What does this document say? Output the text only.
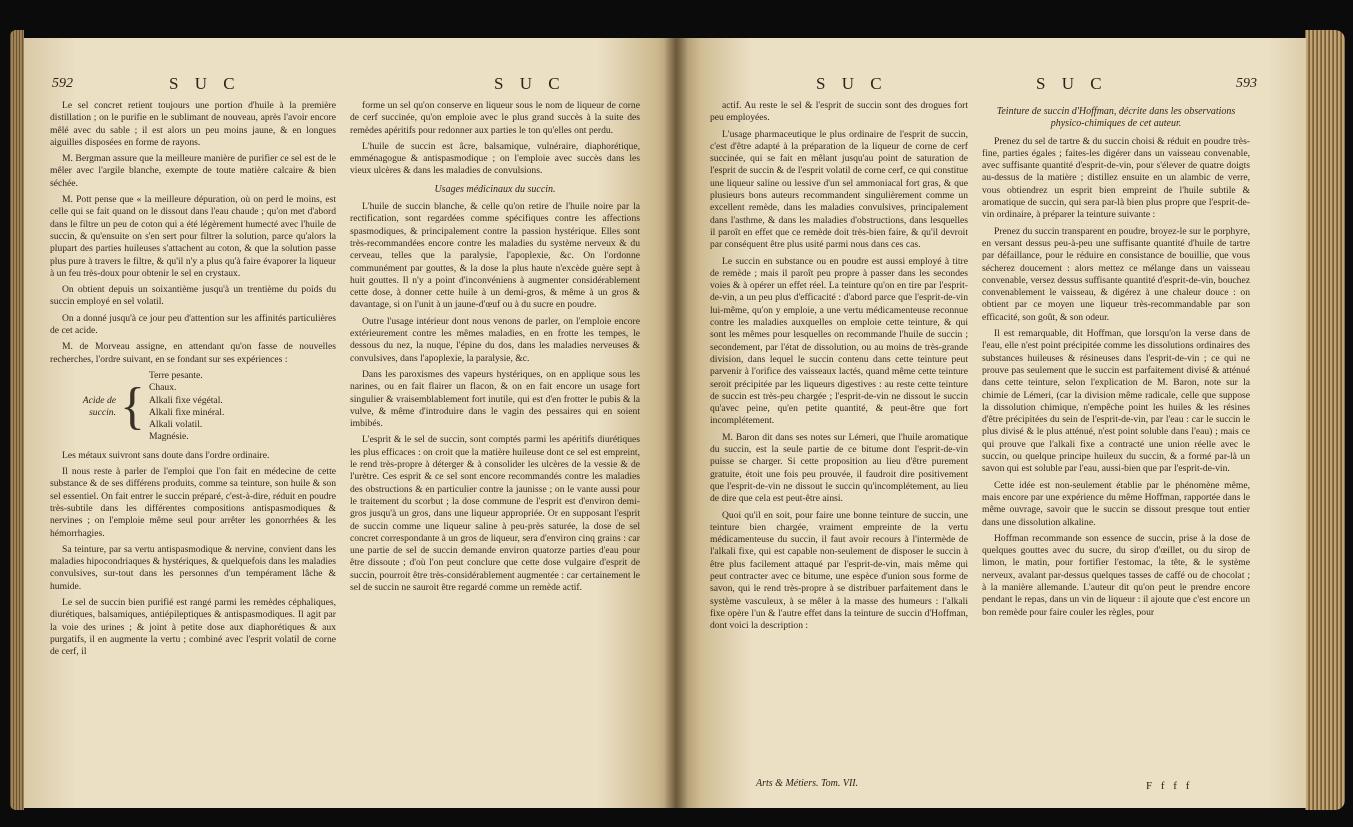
592	S U C	S U C

Le sel concret retient toujours une portion d'huile à la première distillation ; on le purifie en le sublimant de nouveau, après l'avoir encore mêlé avec du sable ; il est alors un peu moins jaune, & en longues aiguilles disposées en forme de rayons.

M. Bergman assure que la meilleure manière de purifier ce sel est de le mêler avec l'argile blanche, exempte de toute matière calcaire & bien séchée.

M. Pott pense que « la meilleure dépuration, où on perd le moins, est celle qui se fait quand on le dissout dans l'eau chaude ; qu'on met d'abord dans le filtre un peu de coton qui a été légèrement humecté avec l'huile de succin, & qu'ensuite on s'en sert pour filtrer la solution, parce qu'alors la plupart des parties huileuses s'attachent au coton, & que la solution passe plus pure à travers le filtre, & qu'il n'y a plus qu'à faire évaporer la liqueur à un feu très-doux pour obtenir le sel en crystaux.

On obtient depuis un soixantième jusqu'à un trentième du poids du succin employé en sel volatil.

On a donné jusqu'à ce jour peu d'attention sur les affinités particulières de cet acide.

M. de Morveau assigne, en attendant qu'on fasse de nouvelles recherches, l'ordre suivant, en se fondant sur ses expériences :

Acide de succin. {
Terre pesante.
Chaux.
Alkali fixe végétal.
Alkali fixe minéral.
Alkali volatil.
Magnésie.

Les métaux suivront sans doute dans l'ordre ordinaire.

Il nous reste à parler de l'emploi que l'on fait en médecine de cette substance & de ses différens produits, comme sa teinture, son huile & son sel essentiel. On fait entrer le succin préparé, c'est-à-dire, réduit en poudre très-subtile dans les différentes compositions antispasmodiques & nervines ; on l'emploie même seul pour arrêter les gonorrhées & les hémorrhagies.

Sa teinture, par sa vertu antispasmodique & nervine, convient dans les maladies hipocondriaques & hystériques, & quelquefois dans les maladies convulsives, sur-tout dans les personnes d'un tempérament lâche & humide.

Le sel de succin bien purifié est rangé parmi les remèdes céphaliques, diurétiques, balsamiques, antiépileptiques & antispasmodiques. Il agit par la voie des urines ; & joint à petite dose aux diaphorétiques & aux purgatifs, il en augmente la vertu ; combiné avec l'esprit volatil de corne de cerf, il

forme un sel qu'on conserve en liqueur sous le nom de liqueur de corne de cerf succinée, qu'on emploie avec le plus grand succès à la suite des remèdes apéritifs pour redonner aux parties le ton qu'elles ont perdu.

L'huile de succin est âcre, balsamique, vulnéraire, diaphorétique, emménagogue & antispasmodique ; on l'emploie avec succès dans les vieux ulcères & dans les maladies de convulsions.

Usages médicinaux du succin.

L'huile de succin blanche, & celle qu'on retire de l'huile noire par la rectification, sont regardées comme spécifiques contre les affections spasmodiques, & principalement contre la passion hystérique. Elles sont très-recommandées encore contre les maladies du système nerveux & du cerveau, telles que la paralysie, l'apoplexie, &c. On l'ordonne communément par gouttes, & la dose la plus haute n'excède guère sept à huit gouttes. Il n'y a point d'inconvéniens à augmenter considérablement cette dose, à donner cette huile à un demi-gros, & même à un gros & davantage, si on l'unit à un jaune-d'œuf ou à du sucre en poudre.

Outre l'usage intérieur dont nous venons de parler, on l'emploie encore extérieurement contre les mêmes maladies, en en frotte les tempes, le dessous du nez, la nuque, l'épine du dos, dans les maladies nerveuses & convulsives, dans l'apoplexie, la paralysie, &c.

Dans les paroxismes des vapeurs hystériques, on en applique sous les narines, ou en fait flairer un flacon, & on en fait encore un usage fort singulier & vraisemblablement fort inutile, qui est d'en frotter le pubis & la vulve, & même d'introduire dans le vagin des pessaires qui en soient imbibés.

L'esprit & le sel de succin, sont comptés parmi les apéritifs diurétiques les plus efficaces : on croit que la matière huileuse dont ce sel est empreint, le rend très-propre à déterger & à consolider les ulcères de la vessie & de l'urètre. Ces esprit & ce sel sont encore recommandés contre les maladies des obstructions & en particulier contre la jaunisse ; on le vante aussi pour le traitement du scorbut ; la dose commune de l'esprit est d'environ demi-gros jusqu'à un gros, dans une liqueur appropriée. Or en supposant l'esprit de succin comme une liqueur saline à peu-près saturée, la dose de sel concret correspondante à un gros de liqueur, sera d'environ cinq grains : car une partie de sel de succin demande environ quatorze parties d'eau pour être dissoute ; d'où l'on peut conclure que cette dose vulgaire d'esprit de succin, pourroit être très-considérablement augmentée : car certainement le sel de succin ne sauroit être regardé comme un remède actif.

S U C	S U C	593

actif. Au reste le sel & l'esprit de succin sont des drogues fort peu employées.

L'usage pharmaceutique le plus ordinaire de l'esprit de succin, c'est d'être adapté à la préparation de la liqueur de corne de cerf succinée, qui se fait en mêlant jusqu'au point de saturation de l'esprit de succin & de l'esprit volatil de corne cerf, ce qui constitue une liqueur saline ou lessive d'un sel ammoniacal fort gras, & que plusieurs bons auteurs recommandent singulièrement comme un excellent remède, dans les maladies convulsives, principalement dans l'asthme, & dans les maladies d'obstructions, dans lesquelles il paroît en effet que ce remède doit très-bien faire, & qu'il devroit par conséquent être plus usité parmi nous dans ces cas.

Le succin en substance ou en poudre est aussi employé à titre de remède ; mais il paroît peu propre à passer dans les secondes voies & à opérer un effet réel. La teinture qu'on en tire par l'esprit-de-vin, a un peu plus d'efficacité : d'abord parce que l'esprit-de-vin lui-même, qu'on y emploie, a une vertu médicamenteuse reconnue contre les maladies auxquelles on emploie cette teinture, & qui sont les mêmes pour lesquelles on recommande l'huile de succin ; secondement, par l'état de dissolution, ou au moins de très-grande division, dans lequel le succin contenu dans cette teinture peut parvenir à l'orifice des vaisseaux lactés, quand même cette teinture seroit précipitée par les liqueurs digestives : au reste cette teinture de succin est très-peu chargée ; l'esprit-de-vin ne dissout le succin qu'avec peine, qu'en petite quantité, & peut-être que fort incomplétement.

M. Baron dit dans ses notes sur Lémeri, que l'huile aromatique du succin, est la seule partie de ce bitume dont l'esprit-de-vin puisse se charger. Si cette proposition au lieu d'être purement gratuite, étoit une fois peu prouvée, il faudroit dire positivement que l'esprit-de-vin ne dissout le succin qu'incomplétement, au lieu de dire que cela est peut-être ainsi.

Quoi qu'il en soit, pour faire une bonne teinture de succin, une teinture bien chargée, vraiment empreinte de la vertu médicamenteuse du succin, il faut avoir recours à l'intermède de l'alkali fixe, qui est capable non-seulement de disposer le succin à être plus facilement attaqué par l'esprit-de-vin, mais même qui peut contracter avec ce bitume, une espèce d'union sous forme de savon, qui le rend très-propre à se distribuer parfaitement dans le système vasculeux, à se mêler à la masse des humeurs : l'alkali fixe opère l'un & l'autre effet dans la teinture de succin d'Hoffman, dont voici la description :

Arts & Métiers. Tom. VII.
Teinture de succin d'Hoffman, décrite dans les observations physico-chimiques de cet auteur.

Prenez du sel de tartre & du succin choisi & réduit en poudre très-fine, parties égales ; faites-les digérer dans un vaisseau convenable, avec suffisante quantité d'esprit-de-vin, pour s'élever de quatre doigts au-dessus de la matière ; distillez ensuite en un alambic de verre, vous obtiendrez un esprit bien empreint de l'huile subtile & aromatique de succin, qui sera par-là bien plus propre que l'esprit-de-vin ordinaire, à préparer la teinture suivante :

Prenez du succin transparent en poudre, broyez-le sur le porphyre, en versant dessus peu-à-peu une suffisante quantité d'huile de tartre par défaillance, pour le réduire en consistance de bouillie, que vous sécherez doucement : alors mettez ce mélange dans un vaisseau convenable, versez dessus suffisante quantité d'esprit-de-vin, bouchez convenablement le vaisseau, & digérez à une chaleur douce : on obtient par ce moyen une liqueur très-recommandable par son efficacité, son goût, & son odeur.

Il est remarquable, dit Hoffman, que lorsqu'on la verse dans de l'eau, elle n'est point précipitée comme les dissolutions ordinaires des substances huileuses & résineuses dans l'esprit-de-vin ; ce qui ne prouve pas seulement que le succin est parfaitement divisé & atténué dans cette teinture, selon l'explication de M. Baron, note sur la chimie de Lémeri, (car la division même radicale, celle que suppose la dissolution chimique, n'empêche point les huiles & les résines d'être précipitées du sein de l'esprit-de-vin, par l'eau : car le succin le plus divisé & le plus atténué, n'est point soluble dans l'eau) ; mais ce qui prouve que l'alkali fixe a contracté une union réelle avec le succin, ou quelque principe huileux du succin, & a formé par-là un savon qui est soluble par l'eau, aussi-bien que par l'esprit-de-vin.

Cette idée est non-seulement établie par le phénomène même, mais encore par une expérience du même Hoffman, rapportée dans le même ouvrage, savoir que le succin se dissout presque tout entier dans une dissolution alkaline.

Hoffman recommande son essence de succin, prise à la dose de quelques gouttes avec du sucre, du sirop d'œillet, ou du sirop de limon, le matin, pour fortifier l'estomac, la tête, & le système nerveux, avalant par-dessus quelques tasses de caffé ou de chocolat ; à la manière allemande. L'auteur dit qu'on peut le prendre encore pendant le repas, dans un vin de liqueur : il ajoute que c'est encore un bon remède pour faire couler les règles, pour

F f f f
